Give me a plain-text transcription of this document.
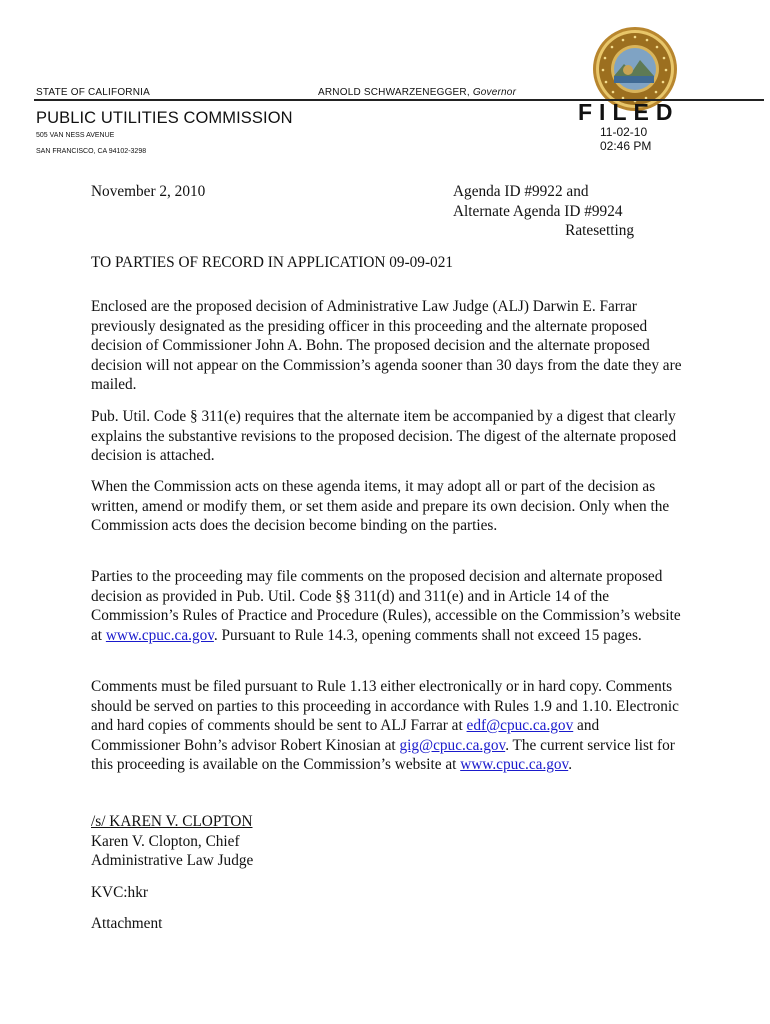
STATE OF CALIFORNIA	ARNOLD SCHWARZENEGGER, Governor
FILED
11-02-10
02:46 PM
PUBLIC UTILITIES COMMISSION
505 VAN NESS AVENUE
SAN FRANCISCO, CA 94102-3298
November 2, 2010	Agenda ID #9922 and
Alternate Agenda ID #9924
Ratesetting
TO PARTIES OF RECORD IN APPLICATION 09-09-021

Enclosed are the proposed decision of Administrative Law Judge (ALJ) Darwin E. Farrar previously designated as the presiding officer in this proceeding and the alternate proposed decision of Commissioner John A. Bohn. The proposed decision and the alternate proposed decision will not appear on the Commission’s agenda sooner than 30 days from the date they are mailed.

Pub. Util. Code § 311(e) requires that the alternate item be accompanied by a digest that clearly explains the substantive revisions to the proposed decision. The digest of the alternate proposed decision is attached.

When the Commission acts on these agenda items, it may adopt all or part of the decision as written, amend or modify them, or set them aside and prepare its own decision. Only when the Commission acts does the decision become binding on the parties.

Parties to the proceeding may file comments on the proposed decision and alternate proposed decision as provided in Pub. Util. Code §§ 311(d) and 311(e) and in Article 14 of the Commission’s Rules of Practice and Procedure (Rules), accessible on the Commission’s website at www.cpuc.ca.gov. Pursuant to Rule 14.3, opening comments shall not exceed 15 pages.

Comments must be filed pursuant to Rule 1.13 either electronically or in hard copy. Comments should be served on parties to this proceeding in accordance with Rules 1.9 and 1.10. Electronic and hard copies of comments should be sent to ALJ Farrar at edf@cpuc.ca.gov and Commissioner Bohn’s advisor Robert Kinosian at gig@cpuc.ca.gov. The current service list for this proceeding is available on the Commission’s website at www.cpuc.ca.gov.

/s/ KAREN V. CLOPTON
Karen V. Clopton, Chief
Administrative Law Judge
KVC:hkr
Attachment
